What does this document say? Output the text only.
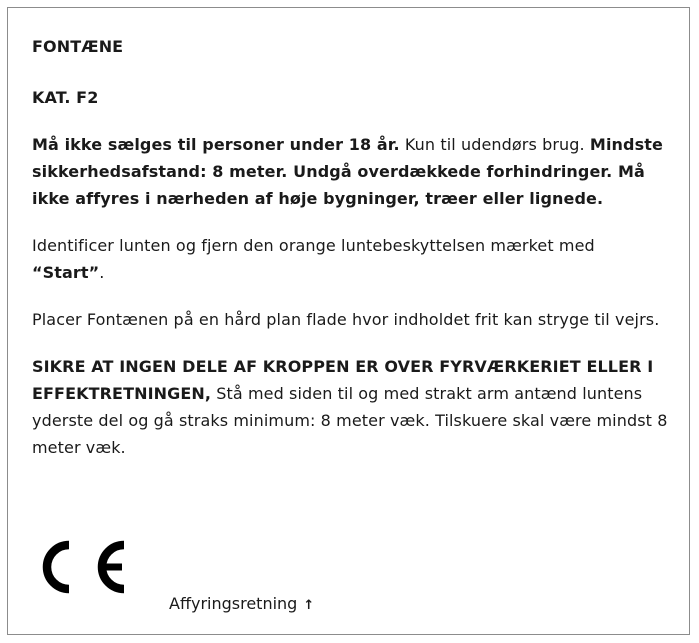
FONTÆNE

KAT. F2

Må ikke sælges til personer under 18 år. Kun til udendørs brug. Mindste sikkerhedsafstand: 8 meter. Undgå overdækkede forhindringer. Må ikke affyres i nærheden af høje bygninger, træer eller lignede.

Identificer lunten og fjern den orange luntebeskyttelsen mærket med “Start”.

Placer Fontænen på en hård plan flade hvor indholdet frit kan stryge til vejrs.

SIKRE AT INGEN DELE AF KROPPEN ER OVER FYRVÆRKERIET ELLER I EFFEKTRETNINGEN, Stå med siden til og med strakt arm antænd luntens yderste del og gå straks minimum: 8 meter væk. Tilskuere skal være mindst 8 meter væk.

Affyringsretning ↑
